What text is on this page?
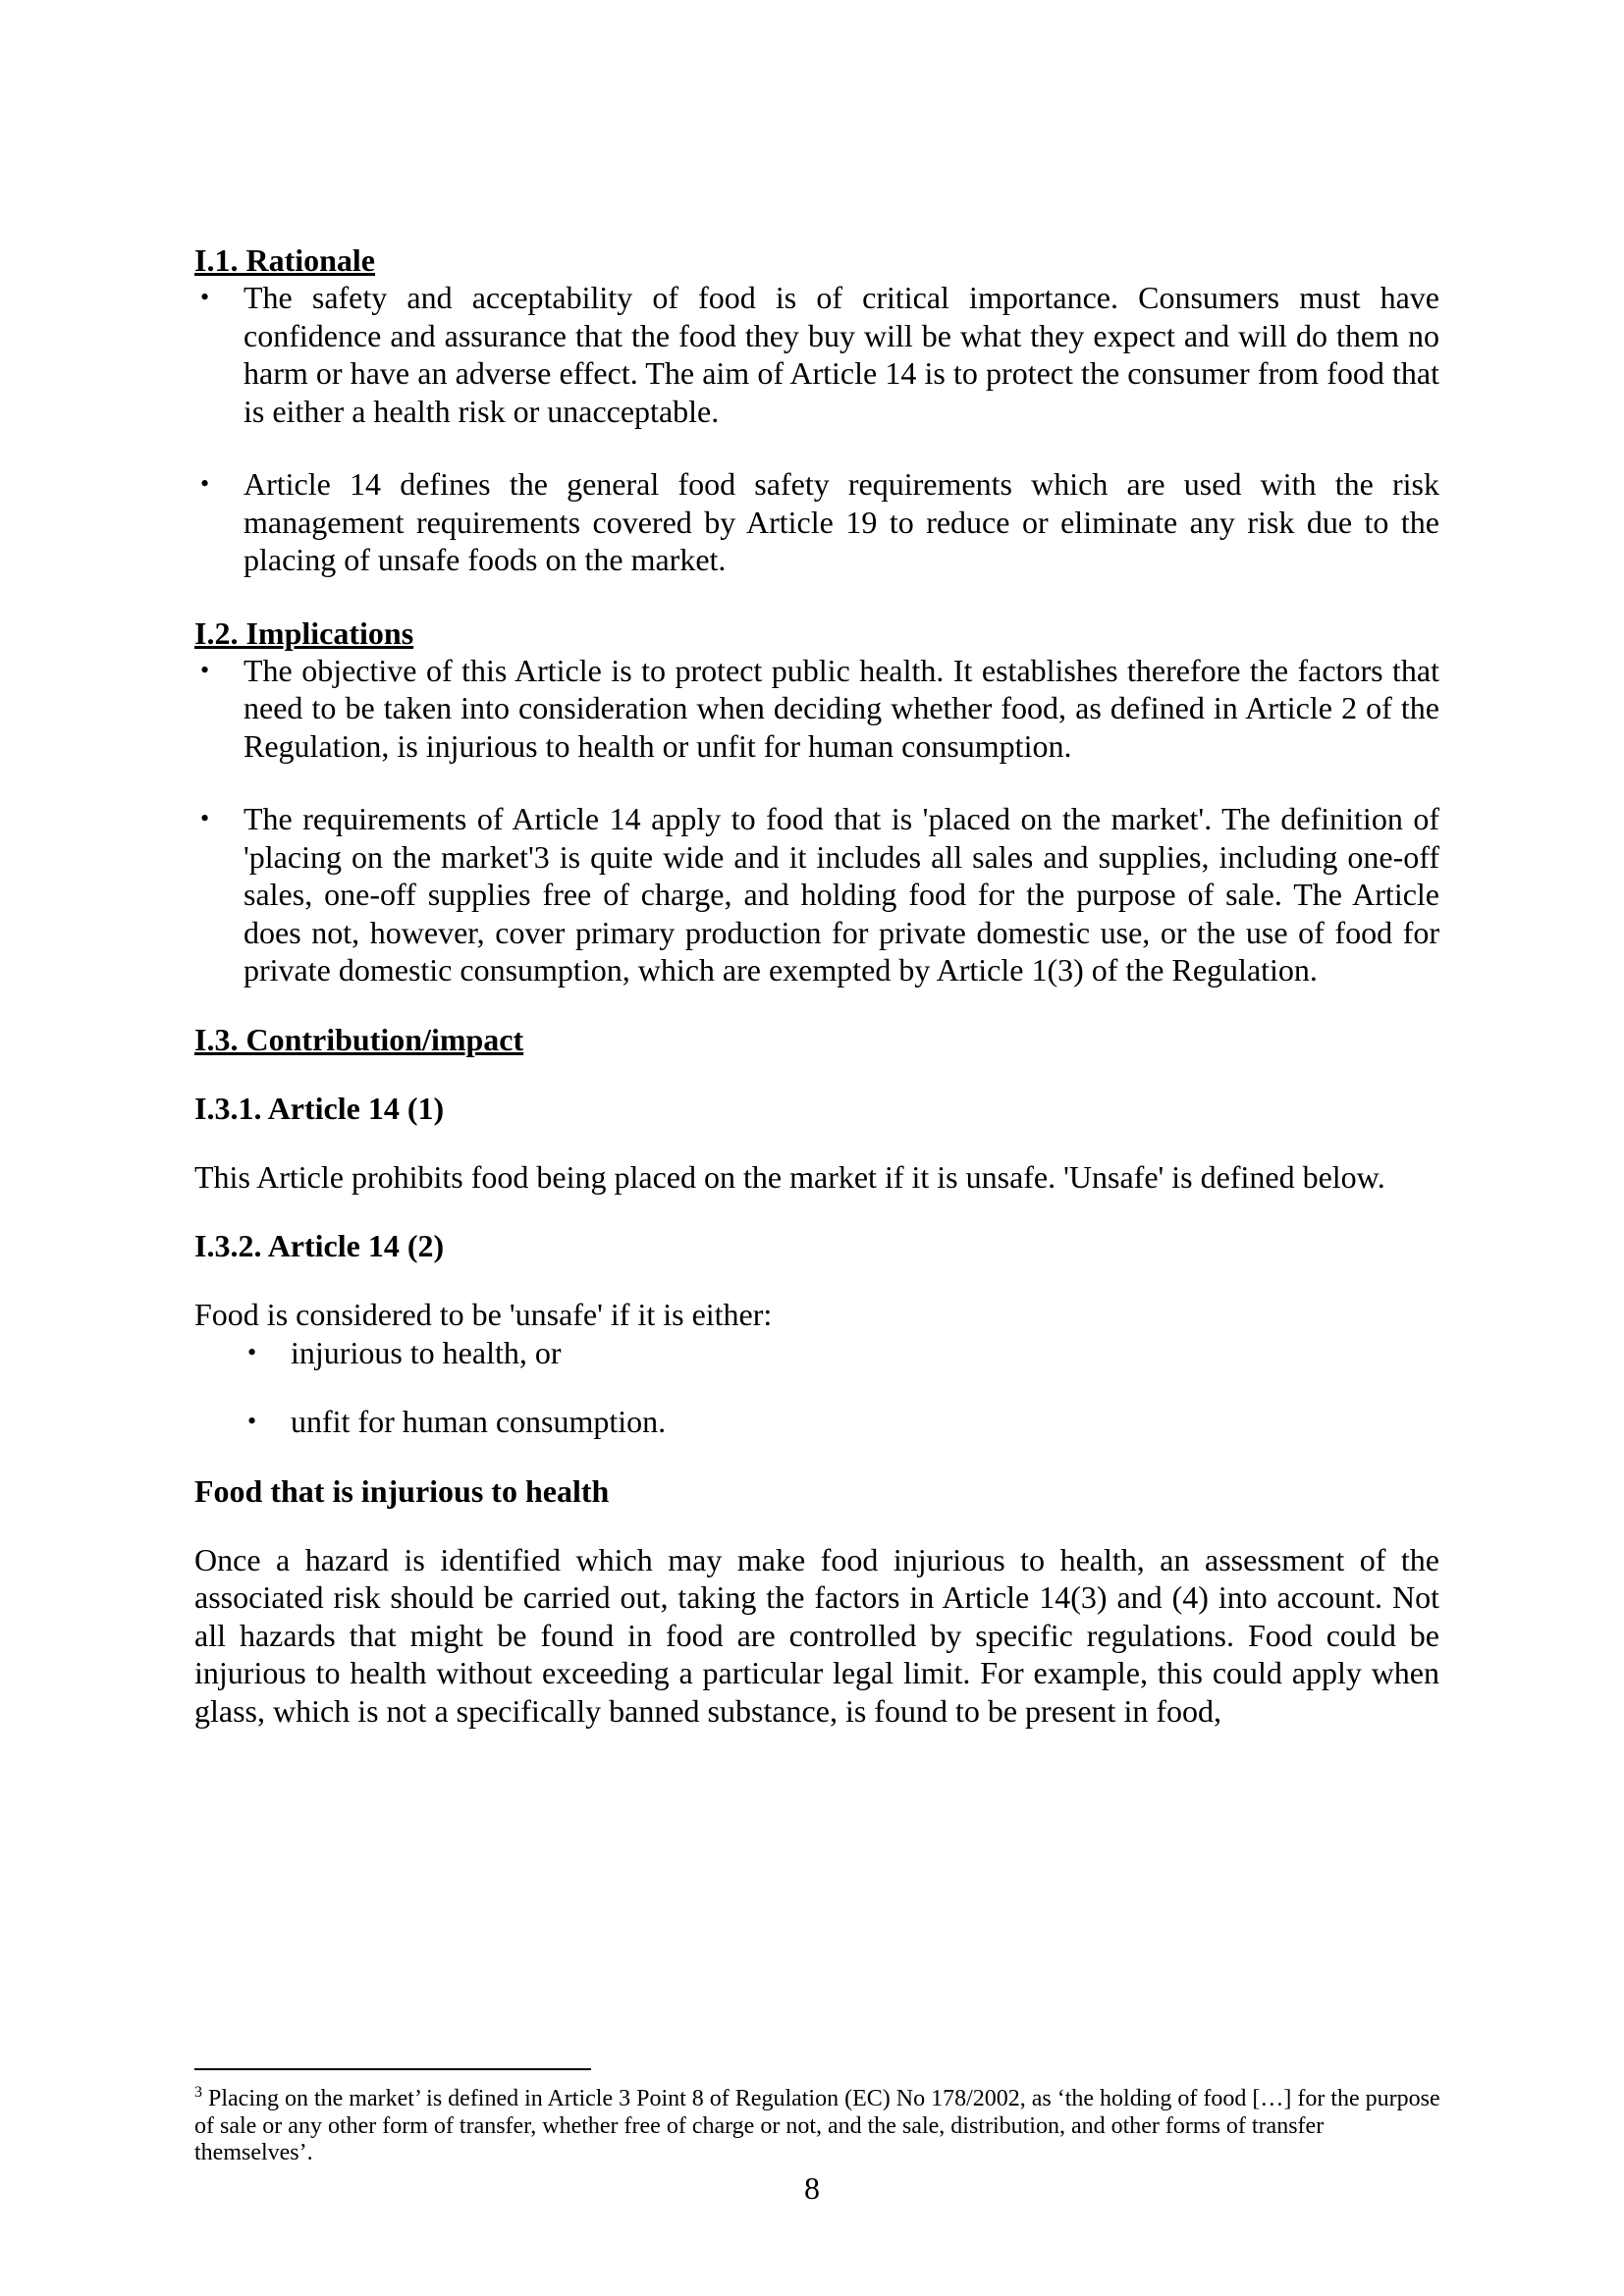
I.1. Rationale
• The safety and acceptability of food is of critical importance. Consumers must have confidence and assurance that the food they buy will be what they expect and will do them no harm or have an adverse effect. The aim of Article 14 is to protect the consumer from food that is either a health risk or unacceptable.
• Article 14 defines the general food safety requirements which are used with the risk management requirements covered by Article 19 to reduce or eliminate any risk due to the placing of unsafe foods on the market.
I.2. Implications
• The objective of this Article is to protect public health. It establishes therefore the factors that need to be taken into consideration when deciding whether food, as defined in Article 2 of the Regulation, is injurious to health or unfit for human consumption.
• The requirements of Article 14 apply to food that is 'placed on the market'. The definition of 'placing on the market'3 is quite wide and it includes all sales and supplies, including one-off sales, one-off supplies free of charge, and holding food for the purpose of sale. The Article does not, however, cover primary production for private domestic use, or the use of food for private domestic consumption, which are exempted by Article 1(3) of the Regulation.
I.3. Contribution/impact
I.3.1. Article 14 (1)

This Article prohibits food being placed on the market if it is unsafe. 'Unsafe' is defined below.

I.3.2. Article 14 (2)

Food is considered to be 'unsafe' if it is either:

• injurious to health, or
• unfit for human consumption.
Food that is injurious to health

Once a hazard is identified which may make food injurious to health, an assessment of the associated risk should be carried out, taking the factors in Article 14(3) and (4) into account. Not all hazards that might be found in food are controlled by specific regulations. Food could be injurious to health without exceeding a particular legal limit. For example, this could apply when glass, which is not a specifically banned substance, is found to be present in food,

$^3$ Placing on the market’ is defined in Article 3 Point 8 of Regulation (EC) No 178/2002, as ‘the holding of food […] for the purpose of sale or any other form of transfer, whether free of charge or not, and the sale, distribution, and other forms of transfer themselves’.
8
